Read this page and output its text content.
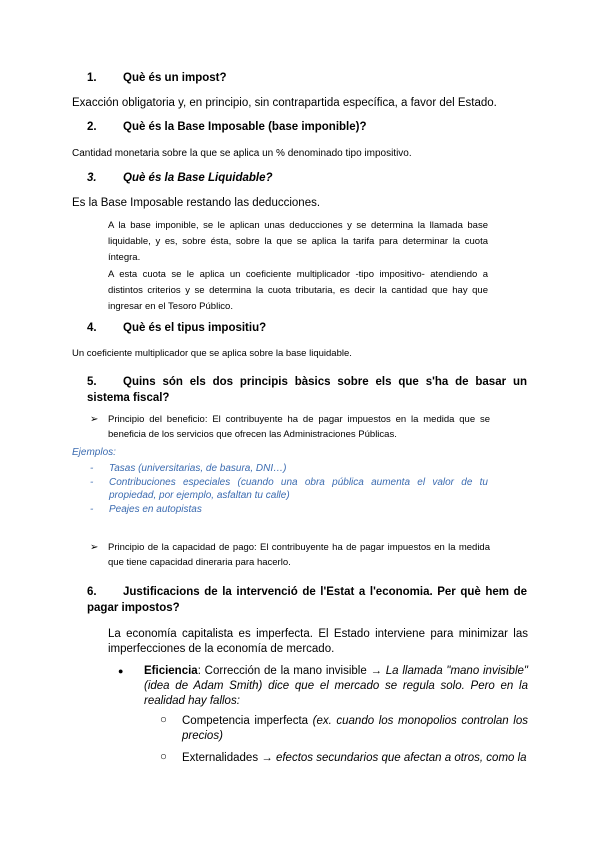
1. Què és un impost?
Exacción obligatoria y, en principio, sin contrapartida específica, a favor del Estado.
2. Què és la Base Imposable (base imponible)?
Cantidad monetaria sobre la que se aplica un % denominado tipo impositivo.
3. Què és la Base Liquidable?
Es la Base Imposable restando las deducciones.
A la base imponible, se le aplican unas deducciones y se determina la llamada base liquidable, y es, sobre ésta, sobre la que se aplica la tarifa para determinar la cuota íntegra.
A esta cuota se le aplica un coeficiente multiplicador -tipo impositivo- atendiendo a distintos criterios y se determina la cuota tributaria, es decir la cantidad que hay que ingresar en el Tesoro Público.
4. Què és el tipus impositiu?
Un coeficiente multiplicador que se aplica sobre la base liquidable.
5.	Quins són els dos principis bàsics sobre els que s'ha de basar un sistema fiscal?
➢	Principio del beneficio: El contribuyente ha de pagar impuestos en la medida que se beneficia de los servicios que ofrecen las Administraciones Públicas.
Ejemplos:
- Tasas (universitarias, de basura, DNI…)
- Contribuciones especiales (cuando una obra pública aumenta el valor de tu propiedad, por ejemplo, asfaltan tu calle)
- Peajes en autopistas
➢	Principio de la capacidad de pago: El contribuyente ha de pagar impuestos en la medida que tiene capacidad dineraria para hacerlo.
6.	Justificacions de la intervenció de l'Estat a l'economia. Per què hem de pagar impostos?
La economía capitalista es imperfecta. El Estado interviene para minimizar las imperfecciones de la economía de mercado.
●	Eficiencia: Corrección de la mano invisible → La llamada "mano invisible" (idea de Adam Smith) dice que el mercado se regula solo. Pero en la realidad hay fallos:
○	Competencia imperfecta (ex. cuando los monopolios controlan los precios)
○	Externalidades → efectos secundarios que afectan a otros, como la
